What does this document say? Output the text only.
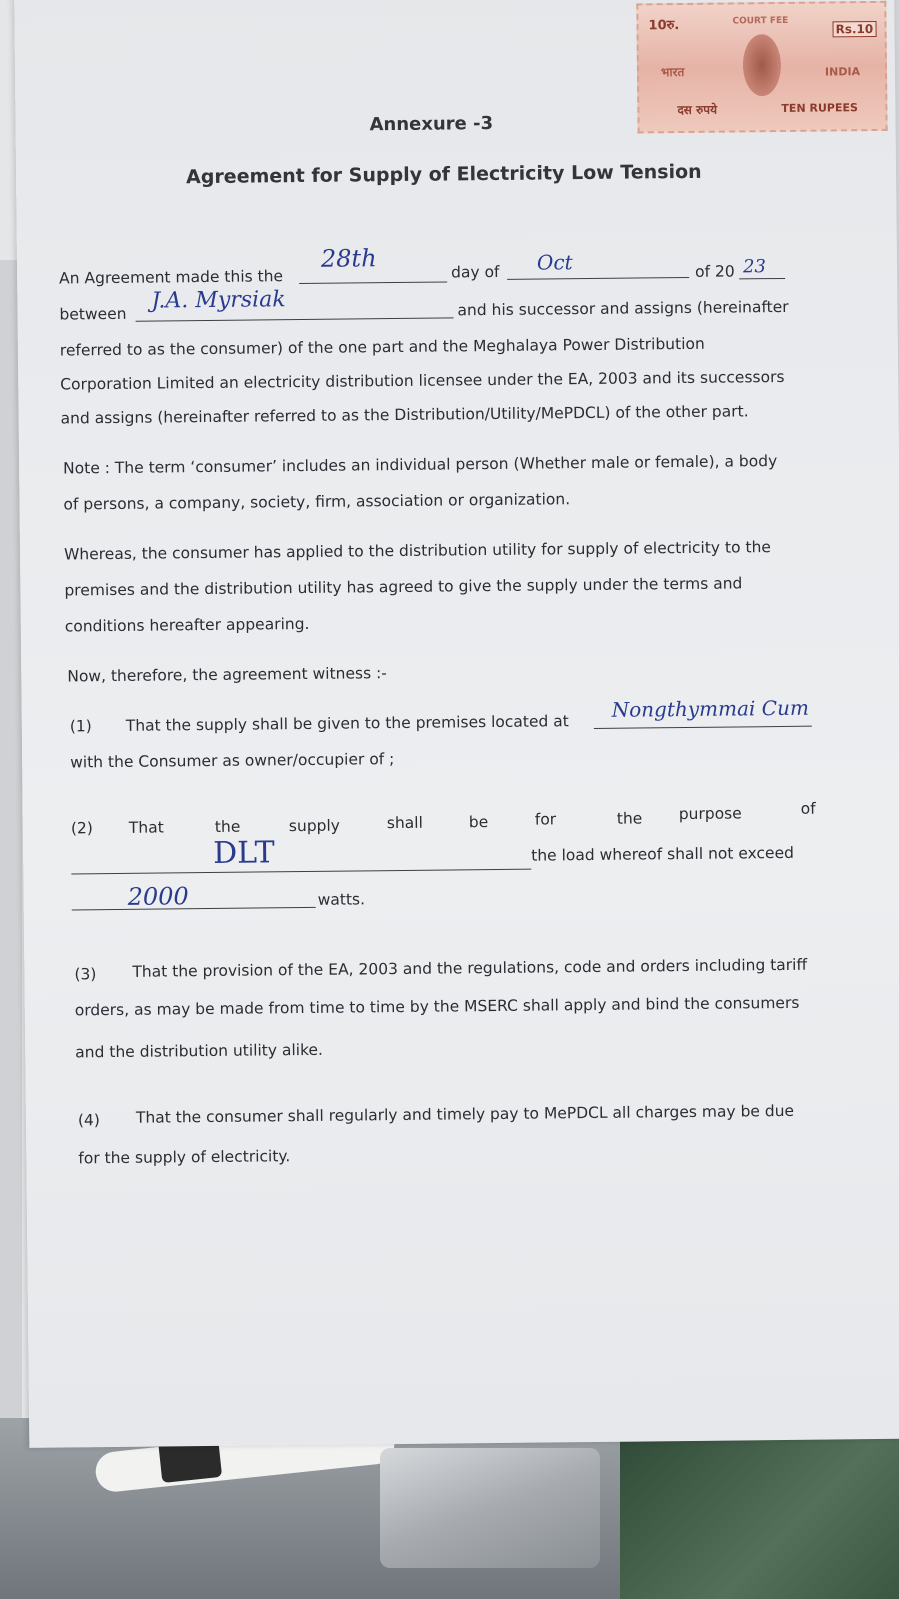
10रु.	COURT FEE
Rs.10
भारत	INDIA
दस रुपये	TEN RUPEES
Annexure -3
Agreement for Supply of Electricity Low Tension
An Agreement made this the
28th	day of Oct	of 20 23
between
J.A. Myrsiak	and his successor and assigns (hereinafter
referred to as the consumer) of the one part and the Meghalaya Power Distribution
Corporation Limited an electricity distribution licensee under the EA, 2003 and its successors
and assigns (hereinafter referred to as the Distribution/Utility/MePDCL) of the other part.
Note : The term ‘consumer’ includes an individual person (Whether male or female), a body
of persons, a company, society, firm, association or organization.
Whereas, the consumer has applied to the distribution utility for supply of electricity to the
premises and the distribution utility has agreed to give the supply under the terms and
conditions hereafter appearing.
Now, therefore, the agreement witness :-
(1) That the supply shall be given to the premises located at
Nongthymmai Cum
with the Consumer as owner/occupier of ;
(2) That	the	supply	shall	be	for	the purpose	of
DLT	the load whereof shall not exceed
2000	watts.
(3) That the provision of the EA, 2003 and the regulations, code and orders including tariff
orders, as may be made from time to time by the MSERC shall apply and bind the consumers
and the distribution utility alike.
(4) That the consumer shall regularly and timely pay to MePDCL all charges may be due
for the supply of electricity.
